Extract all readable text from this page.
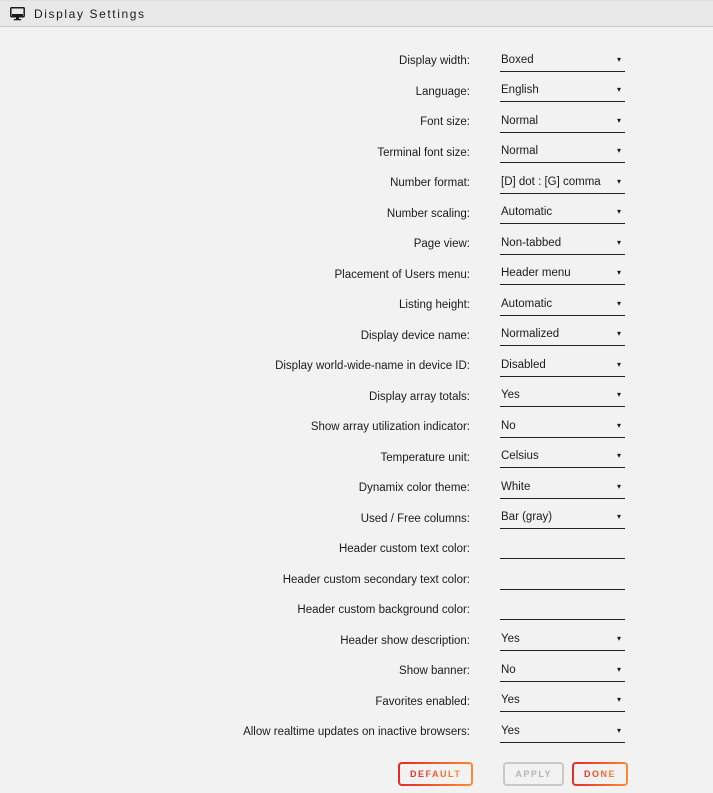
Display Settings
Display width:	Boxed	▾
Language:	English	▾
Font size:	Normal	▾
Terminal font size:	Normal	▾
Number format:	[D] dot : [G] comma ▾
Number scaling:	Automatic	▾
Page view:	Non-tabbed	▾
Placement of Users menu:	Header menu	▾
Listing height:	Automatic	▾
Display device name:	Normalized	▾
Display world-wide-name in device ID:	Disabled	▾
Display array totals:	Yes	▾
Show array utilization indicator:	No	▾
Temperature unit:	Celsius	▾
Dynamix color theme:	White	▾
Used / Free columns:	Bar (gray)	▾
Header custom text color:
Header custom secondary text color:
Header custom background color:
Header show description:	Yes	▾
Show banner:	No	▾
Favorites enabled:	Yes	▾
Allow realtime updates on inactive browsers:	Yes	▾
DEFAULT	APPLY	DONE
